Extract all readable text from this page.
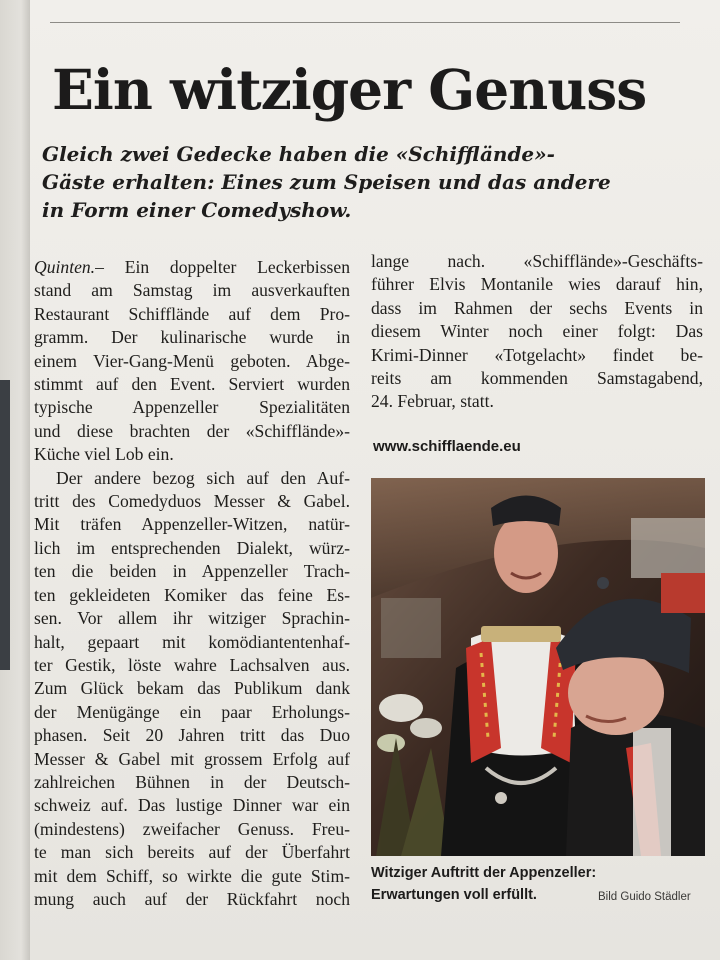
Ein witziger Genuss
Gleich zwei Gedecke haben die «Schifflände»-
Gäste erhalten: Eines zum Speisen und das andere
in Form einer Comedyshow.
Quinten.– Ein doppelter Leckerbissen
stand am Samstag im ausverkauften
Restaurant Schifflände auf dem Pro-
gramm. Der kulinarische wurde in
einem Vier-Gang-Menü geboten. Abge-
stimmt auf den Event. Serviert wurden
typische Appenzeller Spezialitäten
und diese brachten der «Schifflände»-
Küche viel Lob ein.
Der andere bezog sich auf den Auf-
tritt des Comedyduos Messer & Gabel.
Mit träfen Appenzeller-Witzen, natür-
lich im entsprechenden Dialekt, würz-
ten die beiden in Appenzeller Trach-
ten gekleideten Komiker das feine Es-
sen. Vor allem ihr witziger Sprachin-
halt, gepaart mit komödiantentenhaf-
ter Gestik, löste wahre Lachsalven aus.
Zum Glück bekam das Publikum dank
der Menügänge ein paar Erholungs-
phasen. Seit 20 Jahren tritt das Duo
Messer & Gabel mit grossem Erfolg auf
zahlreichen Bühnen in der Deutsch-
schweiz auf. Das lustige Dinner war ein
(mindestens) zweifacher Genuss. Freu-
te man sich bereits auf der Überfahrt
mit dem Schiff, so wirkte die gute Stim-
mung auch auf der Rückfahrt noch
lange nach. «Schifflände»-Geschäfts-
führer Elvis Montanile wies darauf hin,
dass im Rahmen der sechs Events in
diesem Winter noch einer folgt: Das
Krimi-Dinner «Totgelacht» findet be-
reits am kommenden Samstagabend,
24. Februar, statt.
www.schifflaende.eu
Witziger Auftritt der Appenzeller:
Erwartungen voll erfüllt.	Bild Guido Städler
